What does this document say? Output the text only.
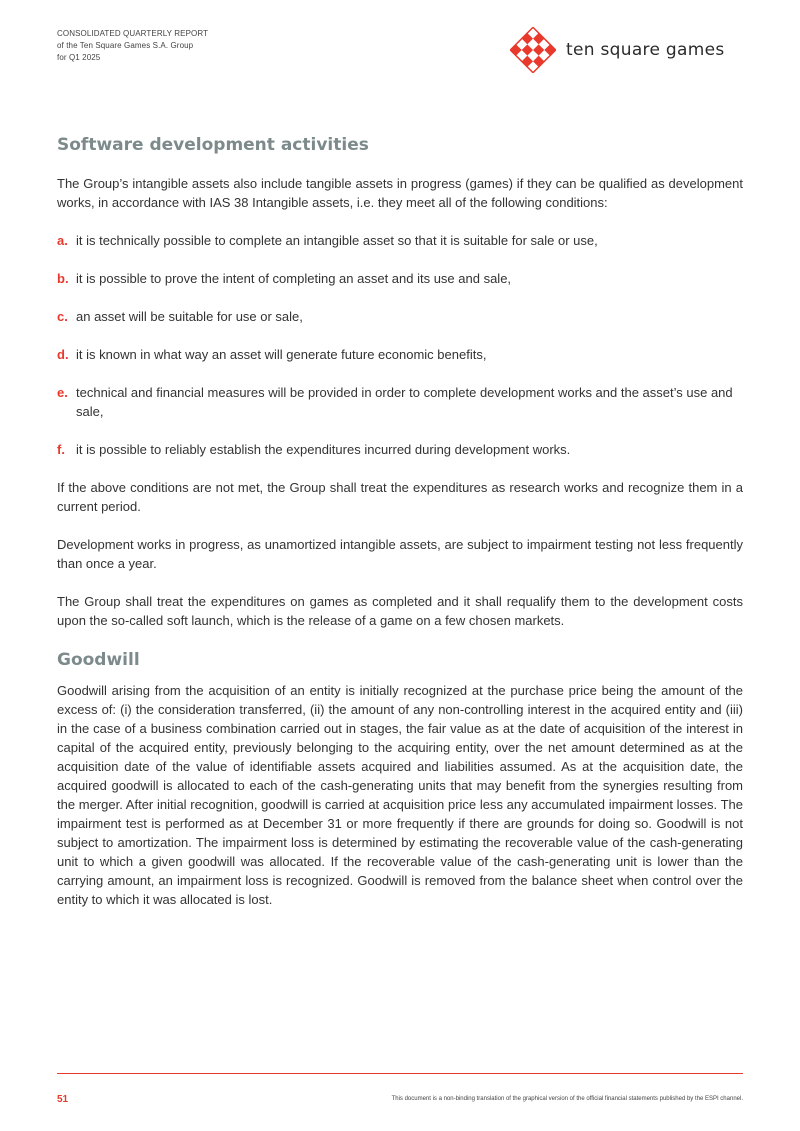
CONSOLIDATED QUARTERLY REPORT
of the Ten Square Games S.A. Group
for Q1 2025	ten square games
Software development activities

The Group’s intangible assets also include tangible assets in progress (games) if they can be qualified as development works, in accordance with IAS 38 Intangible assets, i.e. they meet all of the following conditions:

a. it is technically possible to complete an intangible asset so that it is suitable for sale or use,
b. it is possible to prove the intent of completing an asset and its use and sale,
c. an asset will be suitable for use or sale,
d. it is known in what way an asset will generate future economic benefits,
e. technical and financial measures will be provided in order to complete development works and the asset’s use and sale,
f. it is possible to reliably establish the expenditures incurred during development works.

If the above conditions are not met, the Group shall treat the expenditures as research works and recognize them in a current period.

Development works in progress, as unamortized intangible assets, are subject to impairment testing not less frequently than once a year.

The Group shall treat the expenditures on games as completed and it shall requalify them to the development costs upon the so-called soft launch, which is the release of a game on a few chosen markets.

Goodwill

Goodwill arising from the acquisition of an entity is initially recognized at the purchase price being the amount of the excess of: (i) the consideration transferred, (ii) the amount of any non-controlling interest in the acquired entity and (iii) in the case of a business combination carried out in stages, the fair value as at the date of acquisition of the interest in capital of the acquired entity, previously belonging to the acquiring entity, over the net amount determined as at the acquisition date of the value of identifiable assets acquired and liabilities assumed. As at the acquisition date, the acquired goodwill is allocated to each of the cash-generating units that may benefit from the synergies resulting from the merger. After initial recognition, goodwill is carried at acquisition price less any accumulated impairment losses. The impairment test is performed as at December 31 or more frequently if there are grounds for doing so. Goodwill is not subject to amortization. The impairment loss is determined by estimating the recoverable value of the cash-generating unit to which a given goodwill was allocated. If the recoverable value of the cash-generating unit is lower than the carrying amount, an impairment loss is recognized. Goodwill is removed from the balance sheet when control over the entity to which it was allocated is lost.

51	This document is a non-binding translation of the graphical version of the official financial statements published by the ESPI channel.
